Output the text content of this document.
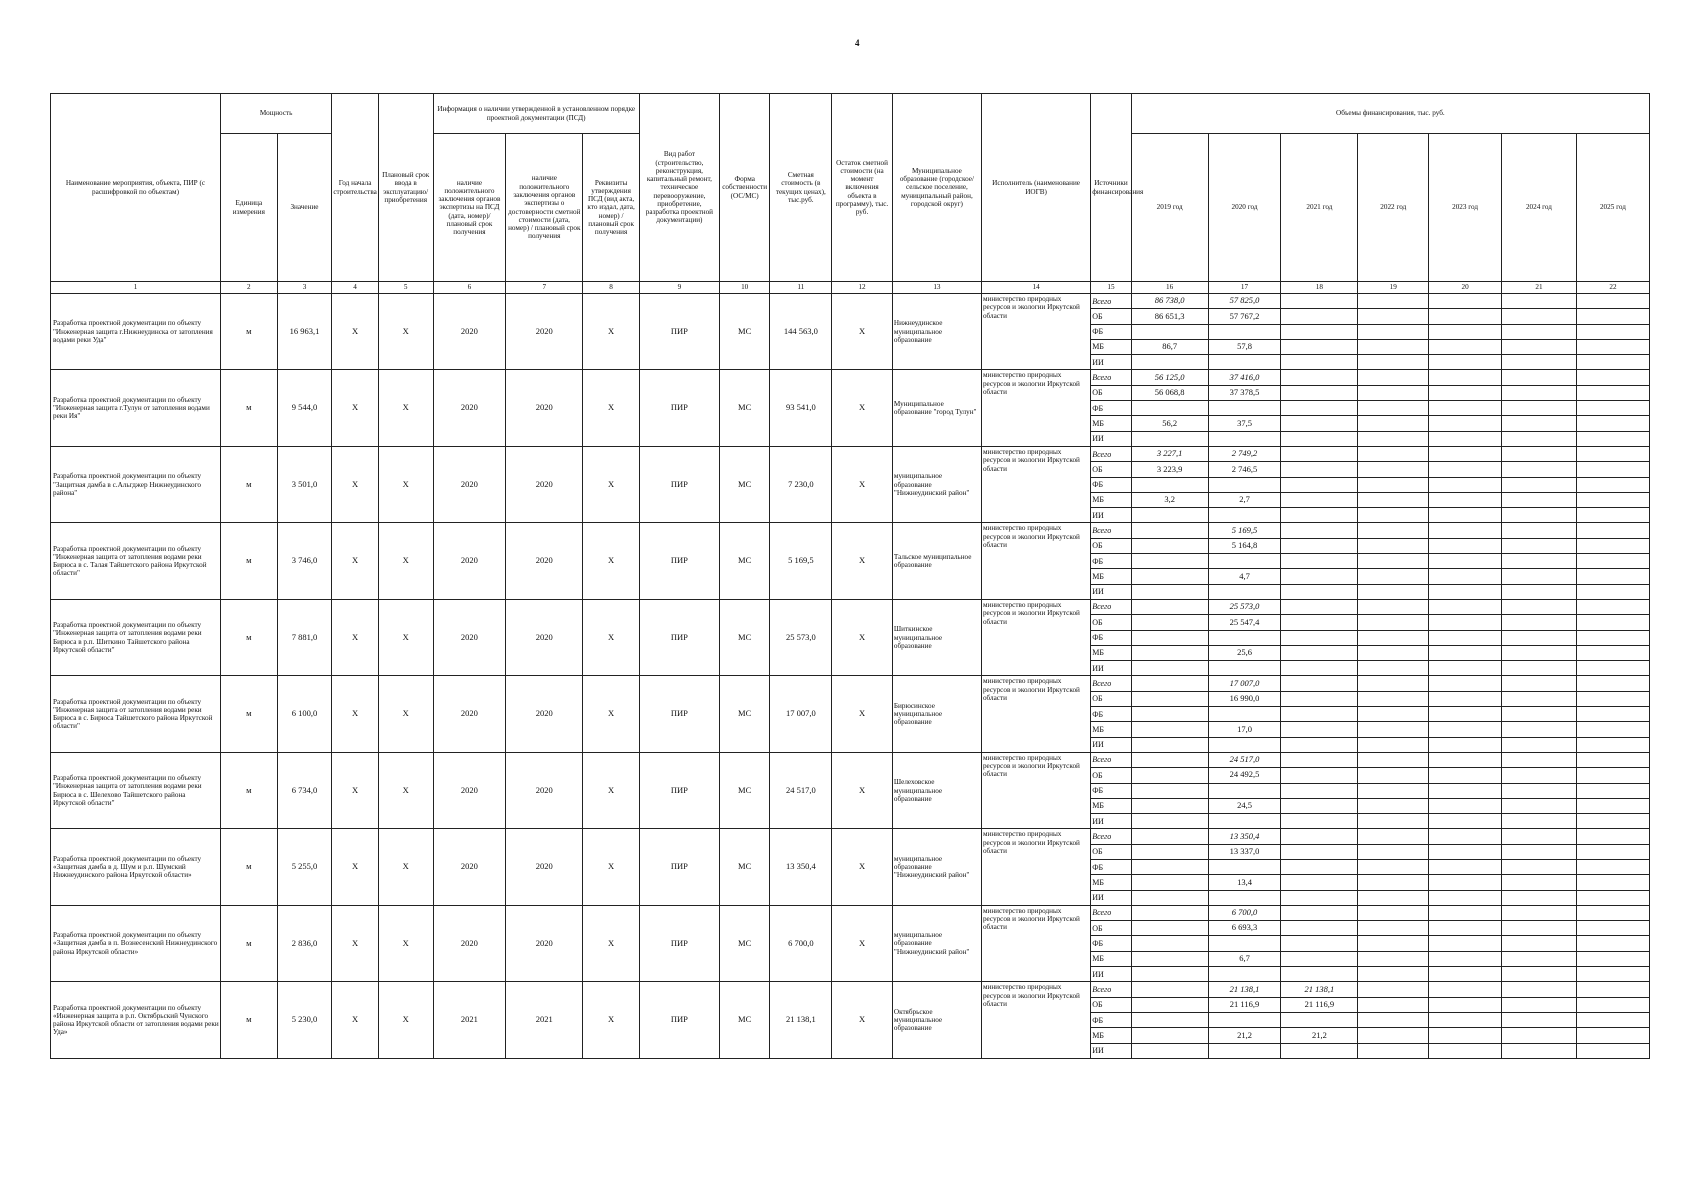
4
Наименование мероприятия, объекта, ПИР (с расшифровкой по объектам)	Мощность		Год начала строительства	Плановый срок ввода в эксплуатацию/приобретения	Информация о наличии утвержденной в установленном порядке проектной документации (ПСД)			Вид работ (строительство, реконструкция, капитальный ремонт, техническое перевооружение, приобретение, разработка проектной документации)	Форма собственности (ОС/МС)	Сметная стоимость (в текущих ценах), тыс.руб.	Остаток сметной стоимости (на момент включения объекта в программу), тыс. руб.	Муниципальное образование (городское/сельское поселение, муниципальный район, городской округ)	Исполнитель (наименование ИОГВ)	Источники финансирования	Объемы финансирования, тыс. руб.						
	Единица измерения	Значение			наличие положительного заключения органов экспертизы на ПСД (дата, номер)/плановый срок получения	наличие положительного заключения органов экспертизы о достоверности сметной стоимости (дата, номер) / плановый срок получения	Реквизиты утверждения ПСД (вид акта, кто издал, дата, номер) / плановый срок получения								2019 год	2020 год	2021 год	2022 год	2023 год	2024 год	2025 год
1	2	3	4	5	6	7	8	9	10	11	12	13	14	15	16	17	18	19	20	21	22
Разработка проектной документации по объекту "Инженерная защита г.Нижнеудинска от затопления водами реки Уда"	м	16 963,1	Х	Х	2020	2020	Х	ПИР	МС	144 563,0	Х	Нижнеудинское муниципальное образование	министерство природных ресурсов и экологии Иркутской области	Всего	86 738,0	57 825,0					
														ОБ	86 651,3	57 767,2					
														ФБ							
														МБ	86,7	57,8					
														ИИ							
Разработка проектной документации по объекту "Инженерная защита г.Тулун от затопления водами реки Ия"	м	9 544,0	Х	Х	2020	2020	Х	ПИР	МС	93 541,0	Х	Муниципальное образование "город Тулун"	министерство природных ресурсов и экологии Иркутской области	Всего	56 125,0	37 416,0					
														ОБ	56 068,8	37 378,5					
														ФБ							
														МБ	56,2	37,5					
														ИИ							
Разработка проектной документации по объекту "Защитная дамба в с.Альгджер Нижнеудинского района"	м	3 501,0	Х	Х	2020	2020	Х	ПИР	МС	7 230,0	Х	муниципальное образование "Нижнеудинский район"	министерство природных ресурсов и экологии Иркутской области	Всего	3 227,1	2 749,2					
														ОБ	3 223,9	2 746,5					
														ФБ							
														МБ	3,2	2,7					
														ИИ							
Разработка проектной документации по объекту "Инженерная защита от затопления водами реки Бирюса в с. Талая Тайшетского района Иркутской области"	м	3 746,0	Х	Х	2020	2020	Х	ПИР	МС	5 169,5	Х	Тальское муниципальное образование	министерство природных ресурсов и экологии Иркутской области	Всего		5 169,5					
														ОБ		5 164,8					
														ФБ							
														МБ		4,7					
														ИИ							
Разработка проектной документации по объекту "Инженерная защита от затопления водами реки Бирюса в р.п. Шиткино Тайшетского района Иркутской области"	м	7 881,0	Х	Х	2020	2020	Х	ПИР	МС	25 573,0	Х	Шиткинское муниципальное образование	министерство природных ресурсов и экологии Иркутской области	Всего		25 573,0					
														ОБ		25 547,4					
														ФБ							
														МБ		25,6					
														ИИ							
Разработка проектной документации по объекту "Инженерная защита от затопления водами реки Бирюса в с. Бирюса Тайшетского района Иркутской области"	м	6 100,0	Х	Х	2020	2020	Х	ПИР	МС	17 007,0	Х	Бирюсинское муниципальное образование	министерство природных ресурсов и экологии Иркутской области	Всего		17 007,0					
														ОБ		16 990,0					
														ФБ							
														МБ		17,0					
														ИИ							
Разработка проектной документации по объекту "Инженерная защита от затопления водами реки Бирюса в с. Шелехово Тайшетского района Иркутской области"	м	6 734,0	Х	Х	2020	2020	Х	ПИР	МС	24 517,0	Х	Шелеховское муниципальное образование	министерство природных ресурсов и экологии Иркутской области	Всего		24 517,0					
														ОБ		24 492,5					
														ФБ							
														МБ		24,5					
														ИИ							
Разработка проектной документации по объекту «Защитная дамба в д. Шум и р.п. Шумский Нижнеудинского района Иркутской области»	м	5 255,0	Х	Х	2020	2020	Х	ПИР	МС	13 350,4	Х	муниципальное образование "Нижнеудинский район"	министерство природных ресурсов и экологии Иркутской области	Всего		13 350,4					
														ОБ		13 337,0					
														ФБ							
														МБ		13,4					
														ИИ							
Разработка проектной документации по объекту «Защитная дамба в п. Вознесенский Нижнеудинского района Иркутской области»	м	2 836,0	Х	Х	2020	2020	Х	ПИР	МС	6 700,0	Х	муниципальное образование "Нижнеудинский район"	министерство природных ресурсов и экологии Иркутской области	Всего		6 700,0					
														ОБ		6 693,3					
														ФБ							
														МБ		6,7					
														ИИ							
Разработка проектной документации по объекту «Инженерная защита в р.п. Октябрьский Чунского района Иркутской области от затопления водами реки Уда»	м	5 230,0	Х	Х	2021	2021	Х	ПИР	МС	21 138,1	Х	Октябрьское муниципальное образование	министерство природных ресурсов и экологии Иркутской области	Всего		21 138,1	21 138,1				
														ОБ		21 116,9	21 116,9				
														ФБ							
														МБ		21,2	21,2				
														ИИ							
